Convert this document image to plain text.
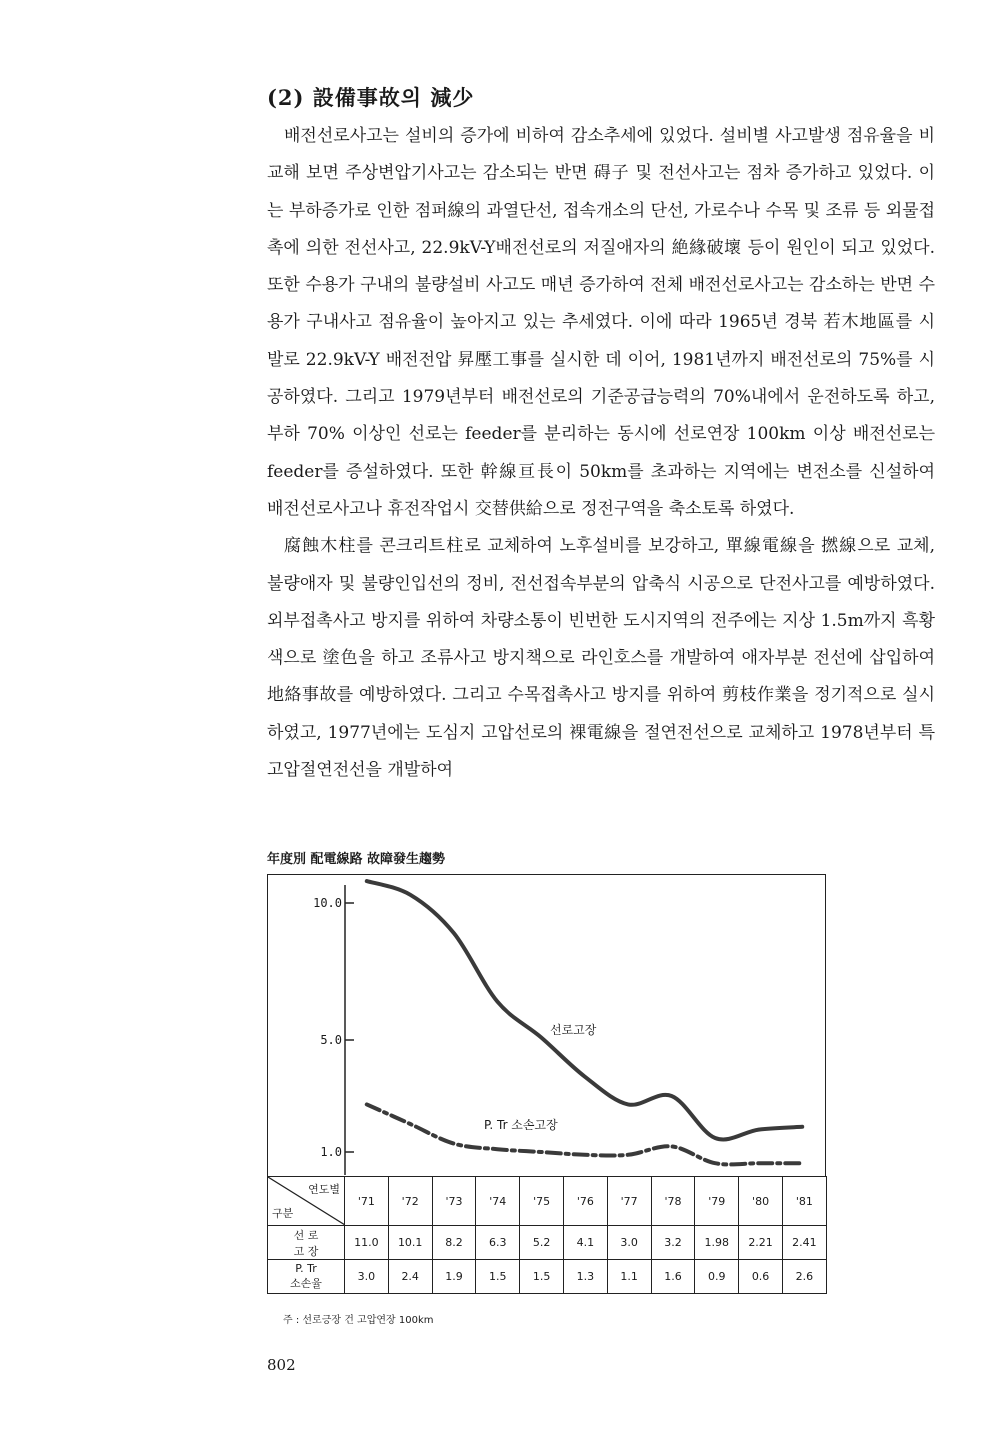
(2) 設備事故의 減少

배전선로사고는 설비의 증가에 비하여 감소추세에 있었다. 설비별 사고발생 점유율을 비교해 보면 주상변압기사고는 감소되는 반면 碍子 및 전선사고는 점차 증가하고 있었다. 이는 부하증가로 인한 점퍼線의 과열단선, 접속개소의 단선, 가로수나 수목 및 조류 등 외물접촉에 의한 전선사고, 22.9kV-Y배전선로의 저질애자의 絶緣破壞 등이 원인이 되고 있었다. 또한 수용가 구내의 불량설비 사고도 매년 증가하여 전체 배전선로사고는 감소하는 반면 수용가 구내사고 점유율이 높아지고 있는 추세였다. 이에 따라 1965년 경북 若木地區를 시발로 22.9kV-Y 배전전압 昇壓工事를 실시한 데 이어, 1981년까지 배전선로의 75%를 시공하였다. 그리고 1979년부터 배전선로의 기준공급능력의 70%내에서 운전하도록 하고, 부하 70% 이상인 선로는 feeder를 분리하는 동시에 선로연장 100km 이상 배전선로는 feeder를 증설하였다. 또한 幹線亘長이 50km를 초과하는 지역에는 변전소를 신설하여 배전선로사고나 휴전작업시 交替供給으로 정전구역을 축소토록 하였다.

腐蝕木柱를 콘크리트柱로 교체하여 노후설비를 보강하고, 單線電線을 撚線으로 교체, 불량애자 및 불량인입선의 정비, 전선접속부분의 압축식 시공으로 단전사고를 예방하였다. 외부접촉사고 방지를 위하여 차량소통이 빈번한 도시지역의 전주에는 지상 1.5m까지 흑황색으로 塗色을 하고 조류사고 방지책으로 라인호스를 개발하여 애자부분 전선에 삽입하여 地絡事故를 예방하였다. 그리고 수목접촉사고 방지를 위하여 剪枝作業을 정기적으로 실시하였고, 1977년에는 도심지 고압선로의 裸電線을 절연전선으로 교체하고 1978년부터 특고압절연전선을 개발하여

年度別 配電線路 故障發生趨勢
10.0
5.0
1.0
선로고장
P. Tr 소손고장
연도별
구분	'71	'72	'73	'74	'75	'76	'77	'78	'79	'80	'81

선 로
고 장	11.0	10.1	8.2	6.3	5.2	4.1	3.0	3.2	1.98	2.21	2.41

P. Tr
소손율	3.0	2.4	1.9	1.5	1.5	1.3	1.1	1.6	0.9	0.6	2.6
주 : 선로긍장 건 고압연장 100km
802
